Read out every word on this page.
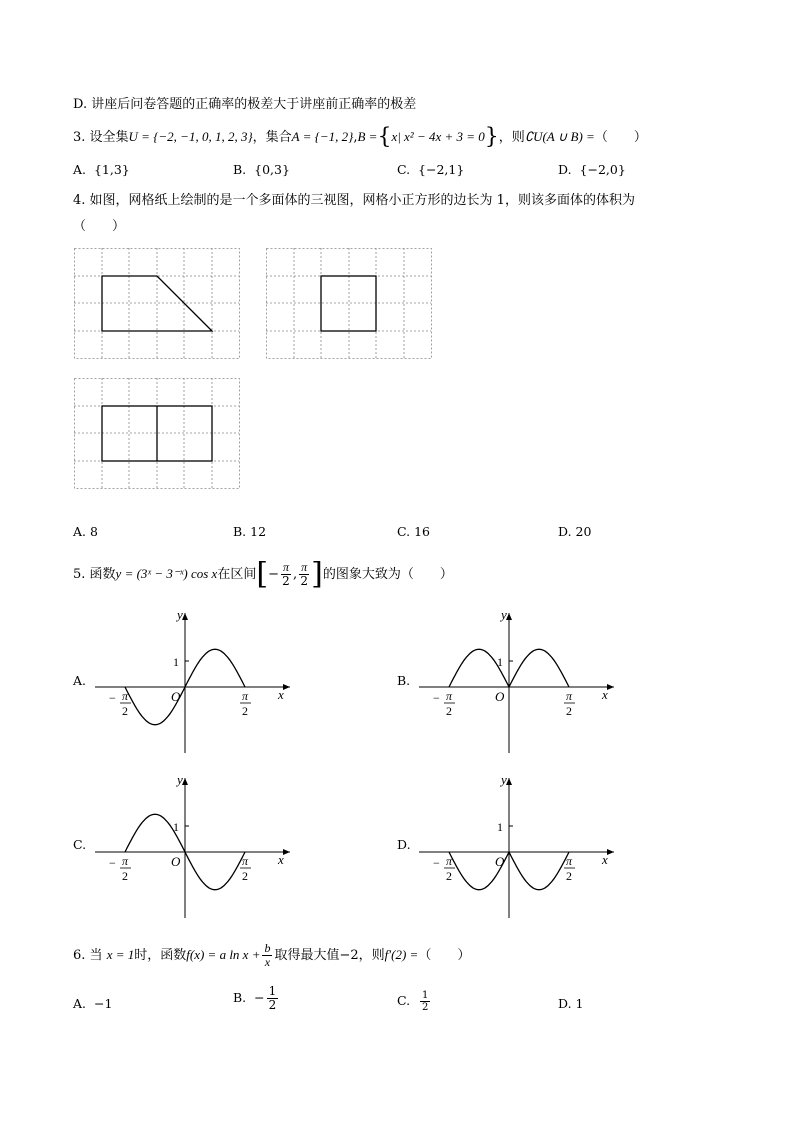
D. 讲座后问卷答题的正确率的极差大于讲座前正确率的极差
3. 设全集U = {−2, −1, 0, 1, 2, 3}，集合A = {−1, 2},B ={x| x² − 4x + 3 = 0}，则∁U(A ∪ B) =（　　）
A. {1,3}	B. {0,3}	C. {−2,1}	D. {−2,0}
4. 如图，网格纸上绘制的是一个多面体的三视图，网格小正方形的边长为 1，则该多面体的体积为
（　　）
A. 8	B. 12	C. 16	D. 20
5. 函数y = (3ˣ − 3⁻ˣ) cos x在区间[− $\frac{\pi}{2}$ , $\frac{\pi}{2}$ ]的图象大致为（　　）
A.	B.
C.	D.
1
y
x
O
− π
2
π
2
1
y
x
O
− π
2
π
2
1
y
x
O
− π
2
π
2
1
y
x
O
− π
2
π
2
6. 当 x = 1时，函数f(x) = a $\ln x + \frac{b}{x}$ 取得最大值−2，则f′(2) =（　　）
A. −1	B. − $\frac{1}{2}$	C. $\frac{1}{2}$	D. 1
